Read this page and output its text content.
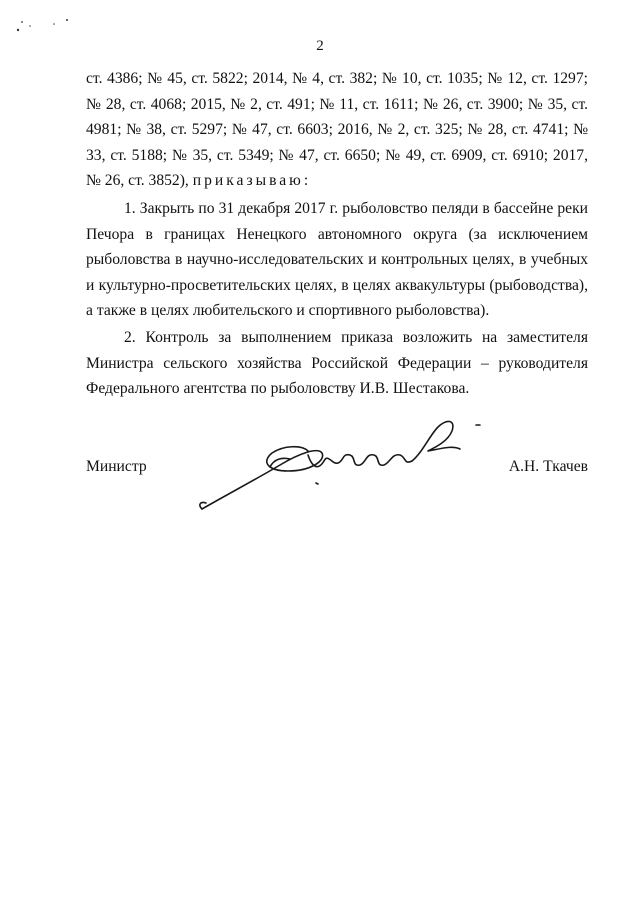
2

ст. 4386; № 45, ст. 5822; 2014, № 4, ст. 382; № 10, ст. 1035; № 12, ст. 1297; № 28, ст. 4068; 2015, № 2, ст. 491; № 11, ст. 1611; № 26, ст. 3900; № 35, ст. 4981; № 38, ст. 5297; № 47, ст. 6603; 2016, № 2, ст. 325; № 28, ст. 4741; № 33, ст. 5188; № 35, ст. 5349; № 47, ст. 6650; № 49, ст. 6909, ст. 6910; 2017, № 26, ст. 3852), приказываю:

1. Закрыть по 31 декабря 2017 г. рыболовство пеляди в бассейне реки Печора в границах Ненецкого автономного округа (за исключением рыболовства в научно-исследовательских и контрольных целях, в учебных и культурно-просветительских целях, в целях аквакультуры (рыбоводства), а также в целях любительского и спортивного рыболовства).

2. Контроль за выполнением приказа возложить на заместителя Министра сельского хозяйства Российской Федерации – руководителя Федерального агентства по рыболовству И.В. Шестакова.

Министр	А.Н. Ткачев
